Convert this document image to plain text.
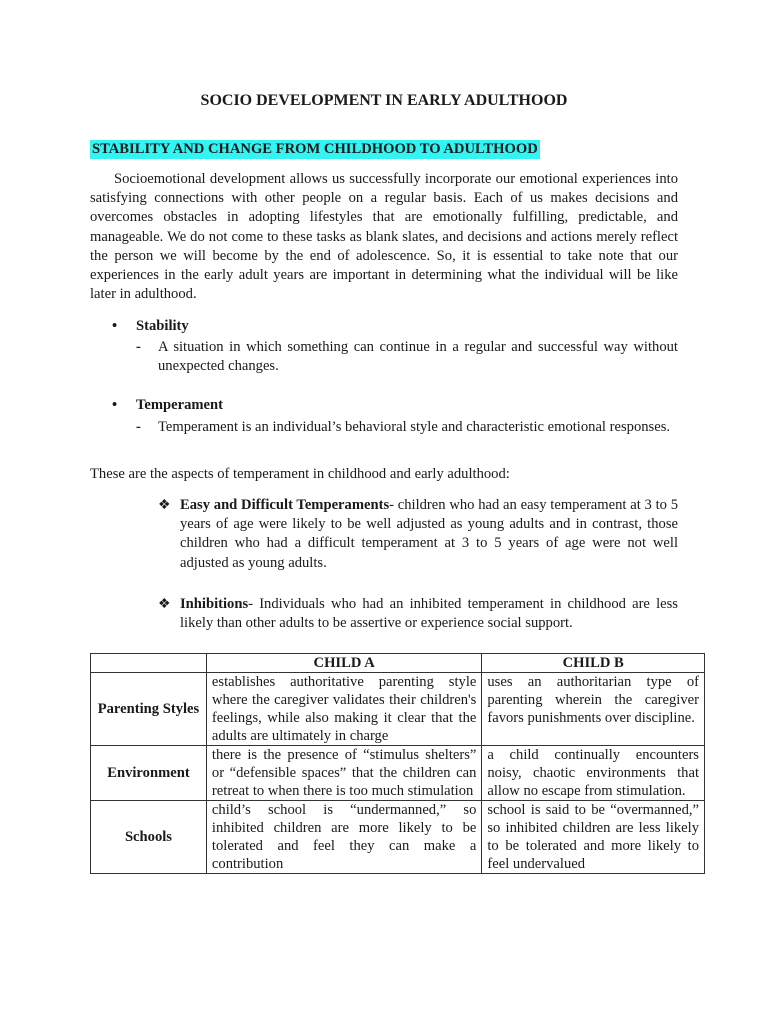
SOCIO DEVELOPMENT IN EARLY ADULTHOOD
STABILITY AND CHANGE FROM CHILDHOOD TO ADULTHOOD
Socioemotional development allows us successfully incorporate our emotional experiences into satisfying connections with other people on a regular basis. Each of us makes decisions and overcomes obstacles in adopting lifestyles that are emotionally fulfilling, predictable, and manageable. We do not come to these tasks as blank slates, and decisions and actions merely reflect the person we will become by the end of adolescence. So, it is essential to take note that our experiences in the early adult years are important in determining what the individual will be like later in adulthood.
• Stability
- A situation in which something can continue in a regular and successful way without unexpected changes.
• Temperament
- Temperament is an individual’s behavioral style and characteristic emotional responses.
These are the aspects of temperament in childhood and early adulthood:
❖ Easy and Difficult Temperaments- children who had an easy temperament at 3 to 5 years of age were likely to be well adjusted as young adults and in contrast, those children who had a difficult temperament at 3 to 5 years of age were not well adjusted as young adults.
❖ Inhibitions- Individuals who had an inhibited temperament in childhood are less likely than other adults to be assertive or experience social support.
	CHILD A	CHILD B
Parenting Styles	establishes authoritative parenting style where the caregiver validates their children's feelings, while also making it clear that the adults are ultimately in charge	uses an authoritarian type of parenting wherein the caregiver favors punishments over discipline.
Environment	there is the presence of “stimulus shelters” or “defensible spaces” that the children can retreat to when there is too much stimulation	a child continually encounters noisy, chaotic environments that allow no escape from stimulation.
Schools	child’s school is “undermanned,” so inhibited children are more likely to be tolerated and feel they can make a contribution	school is said to be “overmanned,” so inhibited children are less likely to be tolerated and more likely to feel undervalued
